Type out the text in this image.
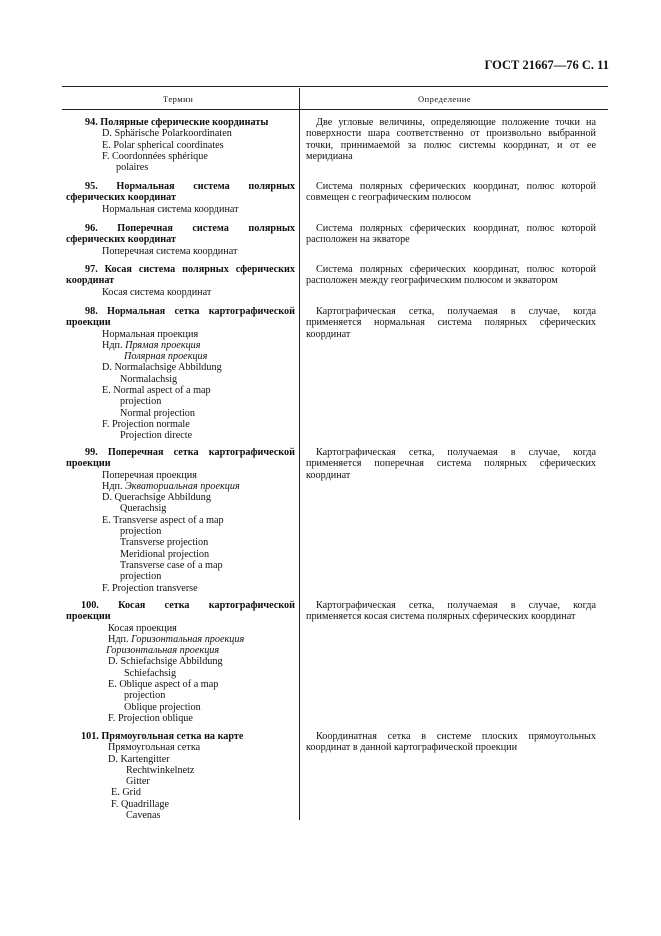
ГОСТ 21667—76 С. 11
Термин	Определение
94. Полярные сферические координаты
D. Sphärische Polarkoordinaten
E. Polar spherical coordinates
F. Coordonnées sphérique
polaires
Две угловые величины, определяющие положение точки на поверхности шара соответственно от произвольно выбранной точки, принимаемой за полюс системы координат, и от ее меридиана
95. Нормальная система полярных
сферических координат
Нормальная система координат
Система полярных сферических координат, полюс которой совмещен с географическим полюсом
96. Поперечная система полярных
сферических координат
Поперечная система координат
Система полярных сферических координат, полюс которой расположен на экваторе
97. Косая система полярных сферических
координат
Косая система координат
Система полярных сферических координат, полюс которой расположен между географическим полюсом и экватором
98. Нормальная сетка картографической
проекции
Нормальная проекция
Ндп. Прямая проекция
Полярная проекция
D. Normalachsige Abbildung
Normalachsig
E. Normal aspect of a map
projection
Normal projection
F. Projection normale
Projection directe
Картографическая сетка, получаемая в случае, когда применяется нормальная система полярных сферических координат
99. Поперечная сетка картографической
проекции
Поперечная проекция
Ндп. Экваториальная проекция
D. Querachsige Abbildung
Querachsig
E. Transverse aspect of a map
projection
Transverse projection
Meridional projection
Transverse case of a map
projection
F. Projection transverse
Картографическая сетка, получаемая в случае, когда применяется поперечная система полярных сферических координат
100. Косая сетка картографической
проекции
Косая проекция
Ндп. Горизонтальная проекция
Горизонтальная проекция
D. Schiefachsige Abbildung
Schiefachsig
E. Oblique aspect of a map
projection
Oblique projection
F. Projection oblique
Картографическая сетка, получаемая в случае, когда применяется косая система полярных сферических координат
101. Прямоугольная сетка на карте
Прямоугольная сетка
D. Kartengitter
Rechtwinkelnetz
Gitter
E. Grid
F. Quadrillage
Cavenas
Координатная сетка в системе плоских прямоугольных координат в данной картографической проекции
